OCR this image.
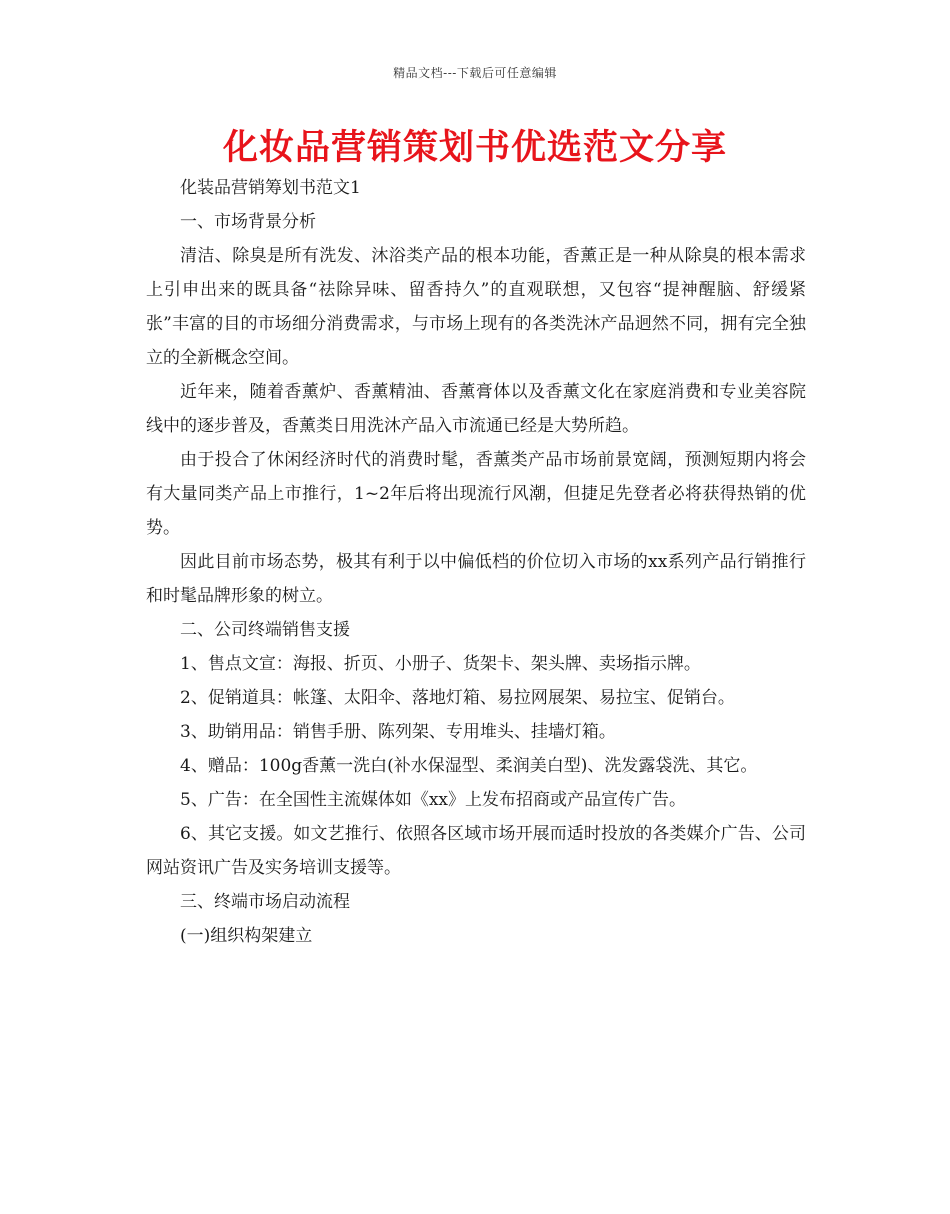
精品文档---下载后可任意编辑
化妆品营销策划书优选范文分享

化装品营销筹划书范文1

一、市场背景分析

清洁、除臭是所有洗发、沐浴类产品的根本功能，香薰正是一种从除臭的根本需求上引申出来的既具备“祛除异味、留香持久”的直观联想，又包容“提神醒脑、舒缓紧张”丰富的目的市场细分消费需求，与市场上现有的各类洗沐产品迥然不同，拥有完全独立的全新概念空间。

近年来，随着香薰炉、香薰精油、香薰膏体以及香薰文化在家庭消费和专业美容院线中的逐步普及，香薰类日用洗沐产品入市流通已经是大势所趋。

由于投合了休闲经济时代的消费时髦，香薰类产品市场前景宽阔，预测短期内将会有大量同类产品上市推行，1~2年后将出现流行风潮，但捷足先登者必将获得热销的优势。

因此目前市场态势，极其有利于以中偏低档的价位切入市场的xx系列产品行销推行和时髦品牌形象的树立。

二、公司终端销售支援

1、售点文宣：海报、折页、小册子、货架卡、架头牌、卖场指示牌。

2、促销道具：帐篷、太阳伞、落地灯箱、易拉网展架、易拉宝、促销台。

3、助销用品：销售手册、陈列架、专用堆头、挂墙灯箱。

4、赠品：100g香薰一洗白(补水保湿型、柔润美白型)、洗发露袋洗、其它。

5、广告：在全国性主流媒体如《xx》上发布招商或产品宣传广告。

6、其它支援。如文艺推行、依照各区域市场开展而适时投放的各类媒介广告、公司网站资讯广告及实务培训支援等。

三、终端市场启动流程

(一)组织构架建立
